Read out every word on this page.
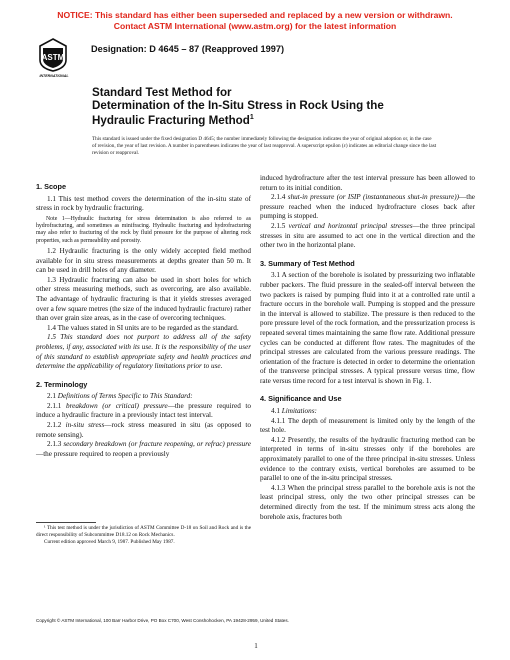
NOTICE: This standard has either been superseded and replaced by a new version or withdrawn.
Contact ASTM International (www.astm.org) for the latest information
ASTM
INTERNATIONAL
Designation: D 4645 – 87 (Reapproved 1997)
Standard Test Method for
Determination of the In-Situ Stress in Rock Using the
Hydraulic Fracturing Method$^1$
This standard is issued under the fixed designation D 4645; the number immediately following the designation indicates the year of original adoption or, in the case of revision, the year of last revision. A number in parentheses indicates the year of last reapproval. A superscript epsilon (ε) indicates an editorial change since the last revision or reapproval.
1. Scope

1.1 This test method covers the determination of the in-situ state of stress in rock by hydraulic fracturing.

Note 1—Hydraulic fracturing for stress determination is also referred to as hydrofracturing, and sometimes as minifracing. Hydraulic fracturing and hydrofracturing may also refer to fracturing of the rock by fluid pressure for the purpose of altering rock properties, such as permeability and porosity.

1.2 Hydraulic fracturing is the only widely accepted field method available for in situ stress measurements at depths greater than 50 m. It can be used in drill holes of any diameter.

1.3 Hydraulic fracturing can also be used in short holes for which other stress measuring methods, such as overcoring, are also available. The advantage of hydraulic fracturing is that it yields stresses averaged over a few square metres (the size of the induced hydraulic fracture) rather than over grain size areas, as in the case of overcoring techniques.

1.4 The values stated in SI units are to be regarded as the standard.

1.5 This standard does not purport to address all of the safety problems, if any, associated with its use. It is the responsibility of the user of this standard to establish appropriate safety and health practices and determine the applicability of regulatory limitations prior to use.

2. Terminology

2.1 Definitions of Terms Specific to This Standard:

2.1.1 breakdown (or critical) pressure—the pressure required to induce a hydraulic fracture in a previously intact test interval.

2.1.2 in-situ stress—rock stress measured in situ (as opposed to remote sensing).

2.1.3 secondary breakdown (or fracture reopening, or refrac) pressure—the pressure required to reopen a previously

¹ This test method is under the jurisdiction of ASTM Committee D-18 on Soil and Rock and is the direct responsibility of Subcommittee D18.12 on Rock Mechanics.

Current edition approved March 9, 1987. Published May 1987.

induced hydrofracture after the test interval pressure has been allowed to return to its initial condition.

2.1.4 shut-in pressure (or ISIP (instantaneous shut-in pressure))—the pressure reached when the induced hydrofracture closes back after pumping is stopped.

2.1.5 vertical and horizontal principal stresses—the three principal stresses in situ are assumed to act one in the vertical direction and the other two in the horizontal plane.

3. Summary of Test Method

3.1 A section of the borehole is isolated by pressurizing two inflatable rubber packers. The fluid pressure in the sealed-off interval between the two packers is raised by pumping fluid into it at a controlled rate until a fracture occurs in the borehole wall. Pumping is stopped and the pressure in the interval is allowed to stabilize. The pressure is then reduced to the pore pressure level of the rock formation, and the pressurization process is repeated several times maintaining the same flow rate. Additional pressure cycles can be conducted at different flow rates. The magnitudes of the principal stresses are calculated from the various pressure readings. The orientation of the fracture is detected in order to determine the orientation of the transverse principal stresses. A typical pressure versus time, flow rate versus time record for a test interval is shown in Fig. 1.

4. Significance and Use

4.1 Limitations:

4.1.1 The depth of measurement is limited only by the length of the test hole.

4.1.2 Presently, the results of the hydraulic fracturing method can be interpreted in terms of in-situ stresses only if the boreholes are approximately parallel to one of the three principal in-situ stresses. Unless evidence to the contrary exists, vertical boreholes are assumed to be parallel to one of the in-situ principal stresses.

4.1.3 When the principal stress parallel to the borehole axis is not the least principal stress, only the two other principal stresses can be determined directly from the test. If the minimum stress acts along the borehole axis, fractures both

Copyright © ASTM International, 100 Barr Harbor Drive, PO Box C700, West Conshohocken, PA 19428-2959, United States.
1
